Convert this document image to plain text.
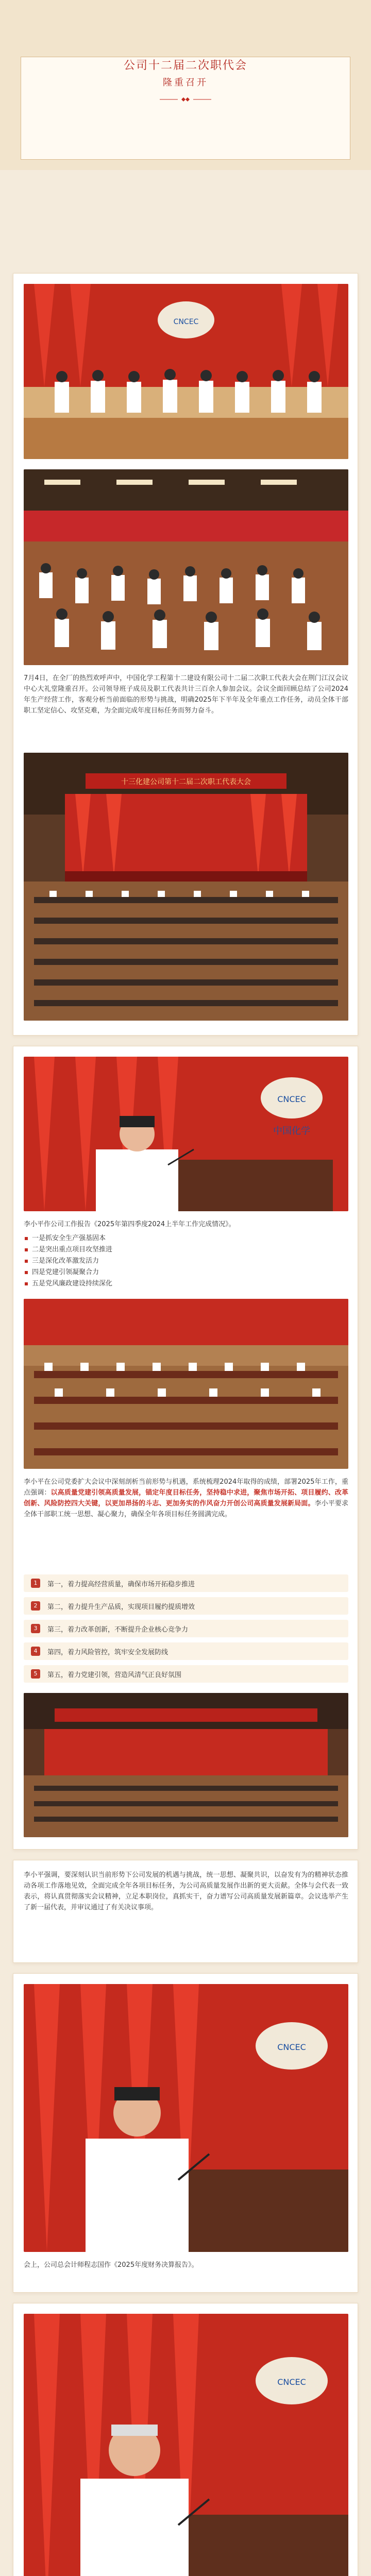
公司十二届二次职代会
隆重召开
CNCEC

7月4日，在全厂的热烈欢呼声中，中国化学工程第十二建设有限公司十二届二次职工代表大会在荆门江汉会议中心大礼堂隆重召开。公司领导班子成员及职工代表共计三百余人参加会议。会议全面回顾总结了公司2024年生产经营工作，客观分析当前面临的形势与挑战，明确2025年下半年及全年重点工作任务，动员全体干部职工坚定信心、攻坚克难，为全面完成年度目标任务而努力奋斗。

十三化建公司第十二届二次职工代表大会
CNCEC
中国化学

李小平作公司工作报告《2025年第四季度2024上半年工作完成情况》。

一是抓安全生产强基固本
二是突出重点项目攻坚推进
三是深化改革激发活力
四是党建引领凝聚合力
五是党风廉政建设持续深化

李小平在公司党委扩大会议中深刻剖析当前形势与机遇，系统梳理2024年取得的成绩，部署2025年工作，重点强调：以高质量党建引领高质量发展，锚定年度目标任务，坚持稳中求进，聚焦市场开拓、项目履约、改革创新、风险防控四大关键，以更加昂扬的斗志、更加务实的作风奋力开创公司高质量发展新局面。李小平要求全体干部职工统一思想、凝心聚力，确保全年各项目标任务圆满完成。

1	第一，着力提高经营质量，确保市场开拓稳步推进
2	第二，着力提升生产品质，实现项目履约提质增效
3	第三，着力改革创新，不断提升企业核心竞争力
4	第四，着力风险管控，筑牢安全发展防线
5	第五，着力党建引领，营造风清气正良好氛围

李小平强调，要深刻认识当前形势下公司发展的机遇与挑战，统一思想、凝聚共识，以奋发有为的精神状态推动各项工作落地见效，全面完成全年各项目标任务，为公司高质量发展作出新的更大贡献。全体与会代表一致表示，将认真贯彻落实会议精神，立足本职岗位，真抓实干，奋力谱写公司高质量发展新篇章。会议选举产生了新一届代表，并审议通过了有关决议事项。

CNCEC

会上，公司总会计师程志国作《2025年度财务决算报告》。

CNCEC
